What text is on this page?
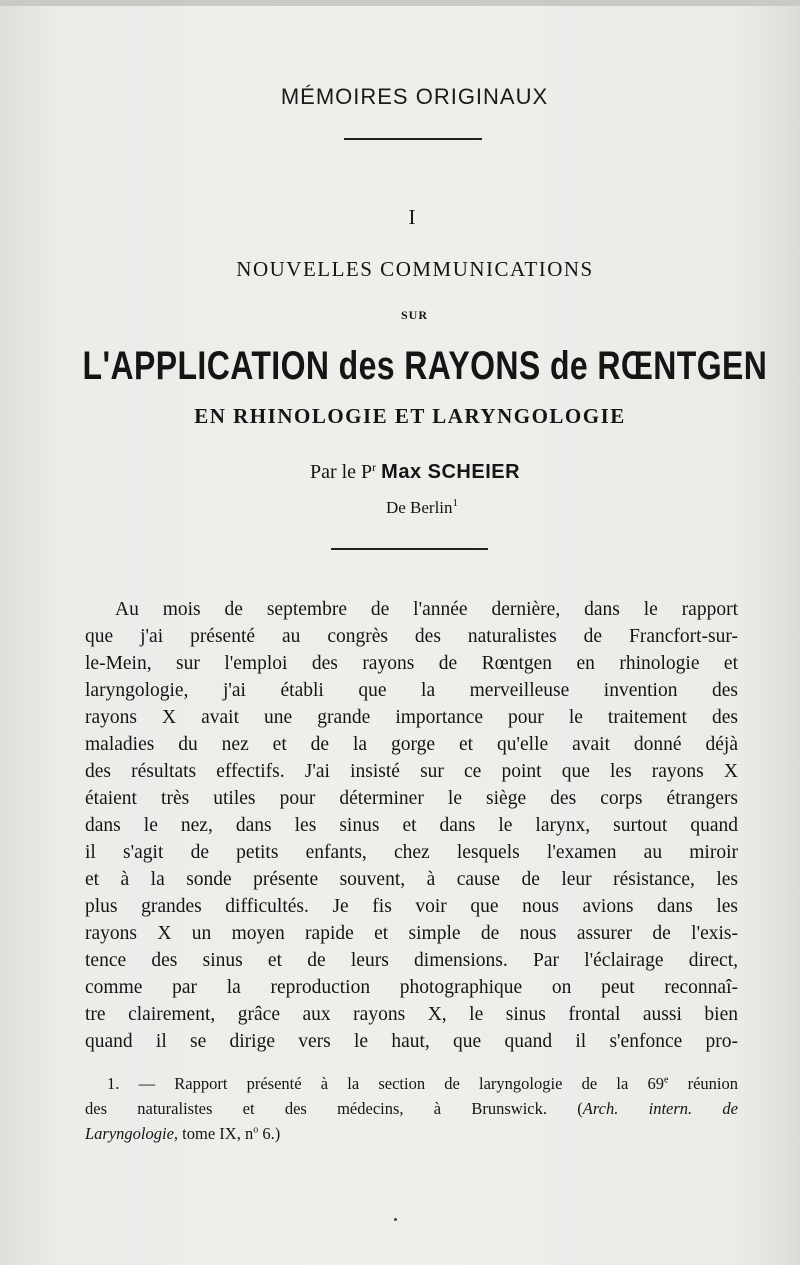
MÉMOIRES ORIGINAUX
I
NOUVELLES COMMUNICATIONS
SUR
L'APPLICATION des RAYONS de RŒNTGEN
EN RHINOLOGIE ET LARYNGOLOGIE
Par le $P^r$ Max SCHEIER
De Berlin$^1$
Au mois de septembre de l'année dernière, dans le rapport
que j'ai présenté au congrès des naturalistes de Francfort-sur-
le-Mein, sur l'emploi des rayons de Rœntgen en rhinologie et
laryngologie, j'ai établi que la merveilleuse invention des
rayons X avait une grande importance pour le traitement des
maladies du nez et de la gorge et qu'elle avait donné déjà
des résultats effectifs. J'ai insisté sur ce point que les rayons X
étaient très utiles pour déterminer le siège des corps étrangers
dans le nez, dans les sinus et dans le larynx, surtout quand
il s'agit de petits enfants, chez lesquels l'examen au miroir
et à la sonde présente souvent, à cause de leur résistance, les
plus grandes difficultés. Je fis voir que nous avions dans les
rayons X un moyen rapide et simple de nous assurer de l'exis-
tence des sinus et de leurs dimensions. Par l'éclairage direct,
comme par la reproduction photographique on peut reconnaî-
tre clairement, grâce aux rayons X, le sinus frontal aussi bien
quand il se dirige vers le haut, que quand il s'enfonce pro-
1. — Rapport présenté à la section de laryngologie de la 69e réunion
des naturalistes et des médecins, à Brunswick. (Arch. intern. de
Laryngologie, tome IX, $n^o$ 6.)
